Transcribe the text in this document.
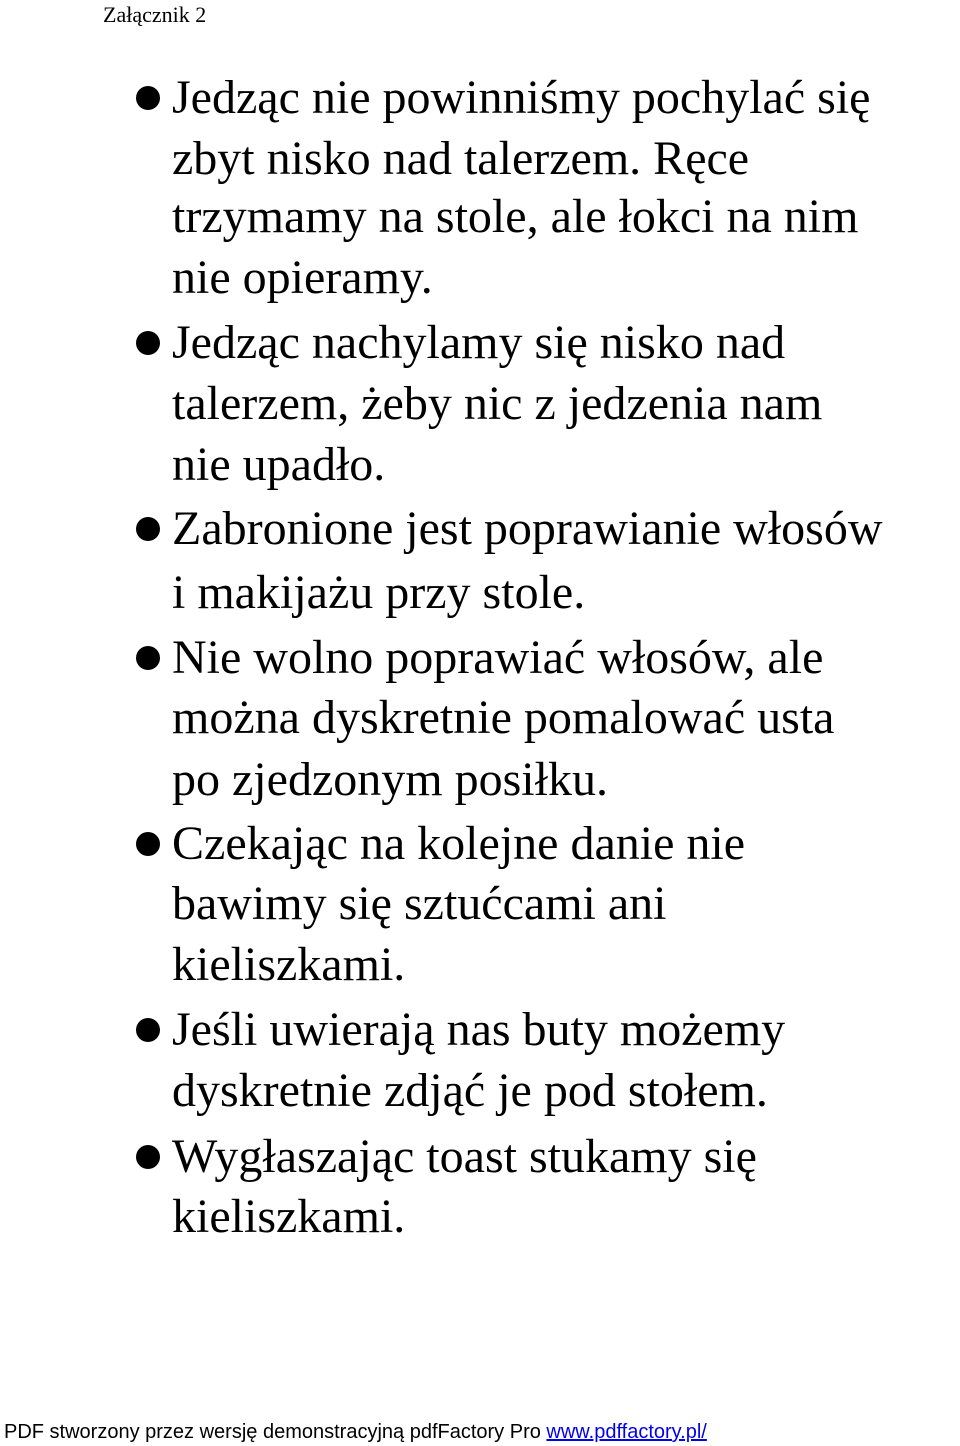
Załącznik 2
Jedząc nie powinniśmy pochylać się
zbyt nisko nad talerzem. Ręce
trzymamy na stole, ale łokci na nim
nie opieramy.
Jedząc nachylamy się nisko nad
talerzem, żeby nic z jedzenia nam
nie upadło.
Zabronione jest poprawianie włosów
i makijażu przy stole.
Nie wolno poprawiać włosów, ale
można dyskretnie pomalować usta
po zjedzonym posiłku.
Czekając na kolejne danie nie
bawimy się sztućcami ani
kieliszkami.
Jeśli uwierają nas buty możemy
dyskretnie zdjąć je pod stołem.
Wygłaszając toast stukamy się
kieliszkami.
PDF stworzony przez wersję demonstracyjną pdfFactory Pro www.pdffactory.pl/
